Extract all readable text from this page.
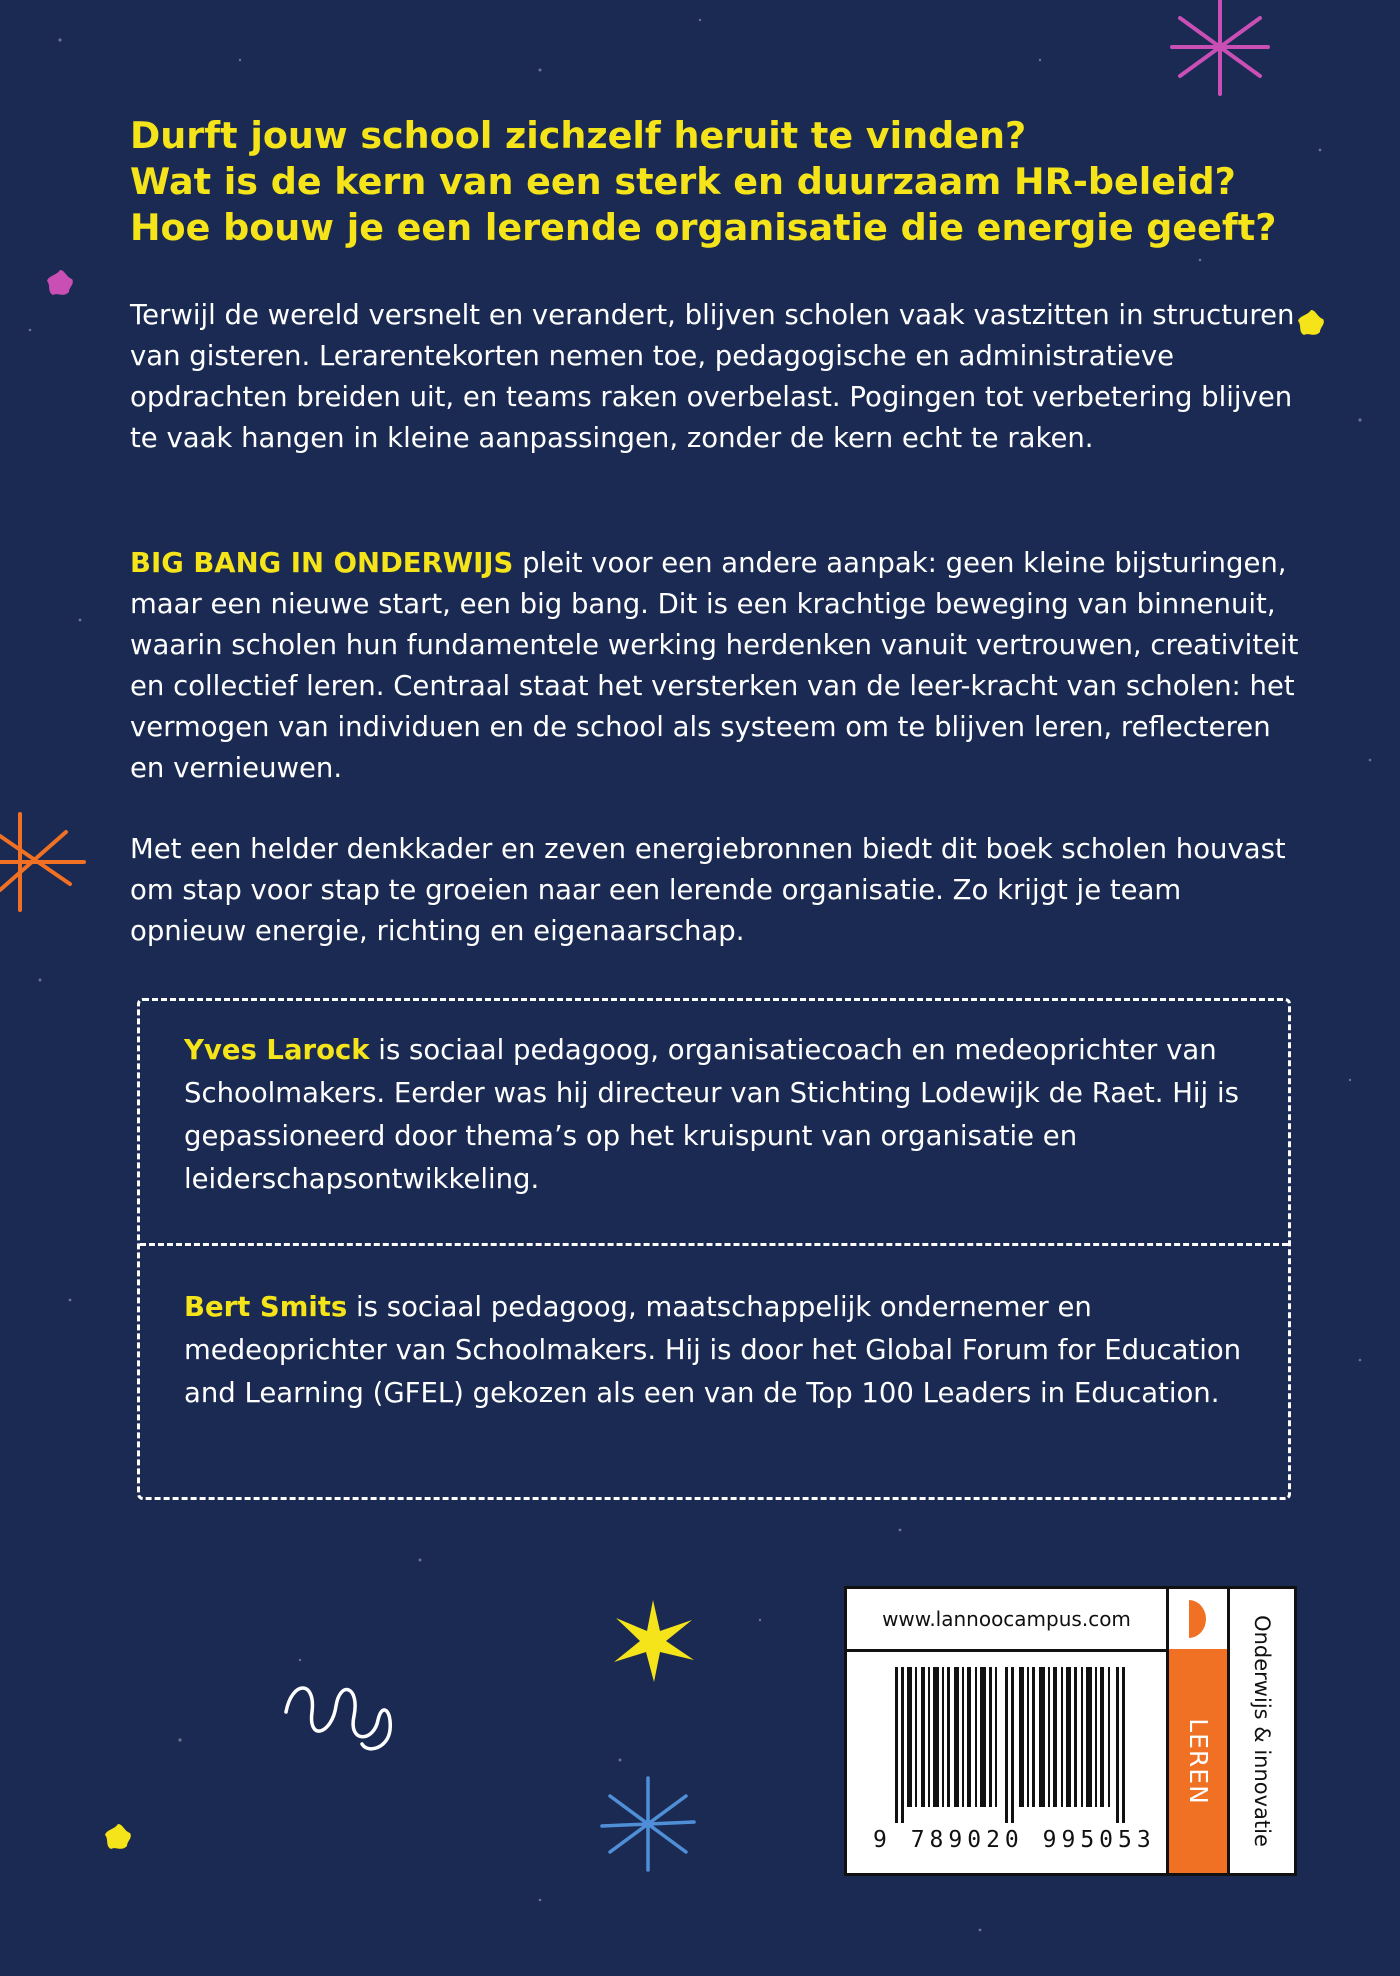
Durft jouw school zichzelf heruit te vinden?
Wat is de kern van een sterk en duurzaam HR-beleid?
Hoe bouw je een lerende organisatie die energie geeft?
Terwijl de wereld versnelt en verandert, blijven scholen vaak vastzitten in structuren van gisteren. Lerarentekorten nemen toe, pedagogische en administratieve opdrachten breiden uit, en teams raken overbelast. Pogingen tot verbetering blijven te vaak hangen in kleine aanpassingen, zonder de kern echt te raken.
BIG BANG IN ONDERWIJS pleit voor een andere aanpak: geen kleine bijsturingen, maar een nieuwe start, een big bang. Dit is een krachtige beweging van binnenuit, waarin scholen hun fundamentele werking herdenken vanuit vertrouwen, creativiteit en collectief leren. Centraal staat het versterken van de leer-kracht van scholen: het vermogen van individuen en de school als systeem om te blijven leren, reflecteren en vernieuwen.
Met een helder denkkader en zeven energiebronnen biedt dit boek scholen houvast om stap voor stap te groeien naar een lerende organisatie. Zo krijgt je team opnieuw energie, richting en eigenaarschap.
Yves Larock is sociaal pedagoog, organisatiecoach en medeoprichter van Schoolmakers. Eerder was hij directeur van Stichting Lodewijk de Raet. Hij is gepassioneerd door thema’s op het kruispunt van organisatie en leiderschapsontwikkeling.
Bert Smits is sociaal pedagoog, maatschappelijk ondernemer en medeoprichter van Schoolmakers. Hij is door het Global Forum for Education and Learning (GFEL) gekozen als een van de Top 100 Leaders in Education.
www.lannoocampus.com
9 789020 995053
LEREN Onderwijs & innovatie
